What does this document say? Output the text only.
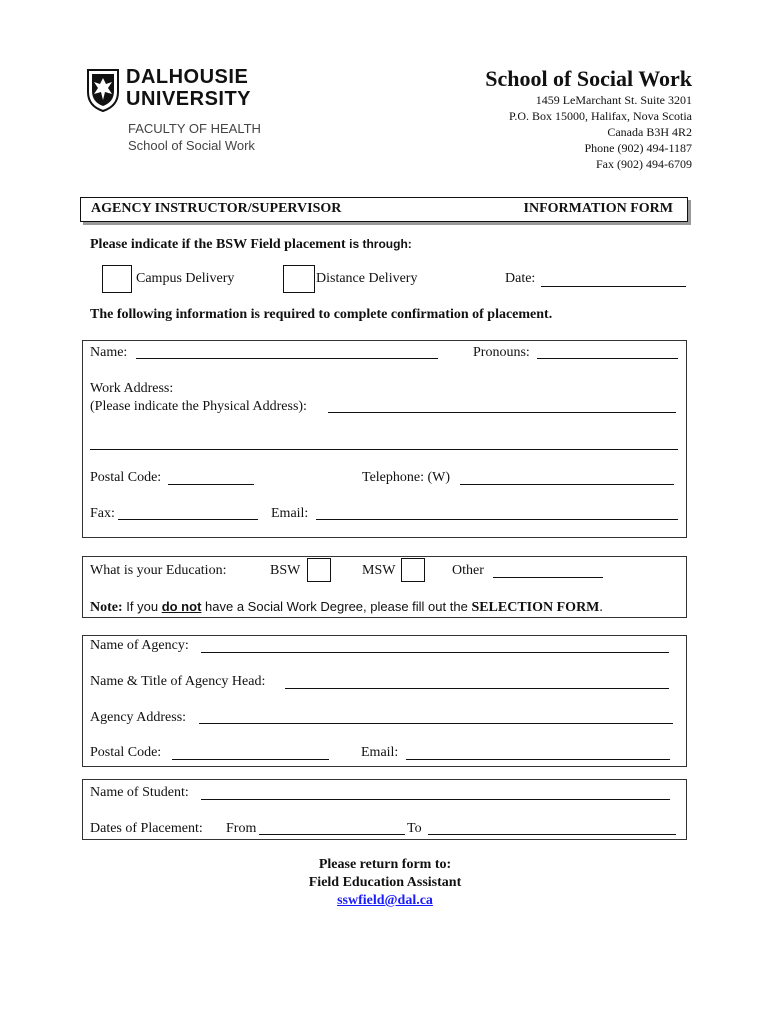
DALHOUSIE
UNIVERSITY
FACULTY OF HEALTH
School of Social Work
School of Social Work
1459 LeMarchant St. Suite 3201
P.O. Box 15000, Halifax, Nova Scotia
Canada B3H 4R2
Phone (902) 494-1187
Fax (902) 494-6709
AGENCY INSTRUCTOR/SUPERVISOR	INFORMATION FORM
Please indicate if the BSW Field placement is through:
Campus Delivery	Distance Delivery	Date:
The following information is required to complete confirmation of placement.
Name:	Pronouns:
Work Address:
(Please indicate the Physical Address):
Postal Code:	Telephone: (W)
Fax:	Email:
What is your Education:	BSW	MSW	Other
Note: If you do not have a Social Work Degree, please fill out the SELECTION FORM.
Name of Agency:
Name & Title of Agency Head:
Agency Address:
Postal Code:	Email:
Name of Student:
Dates of Placement: From	To
Please return form to:
Field Education Assistant
sswfield@dal.ca
